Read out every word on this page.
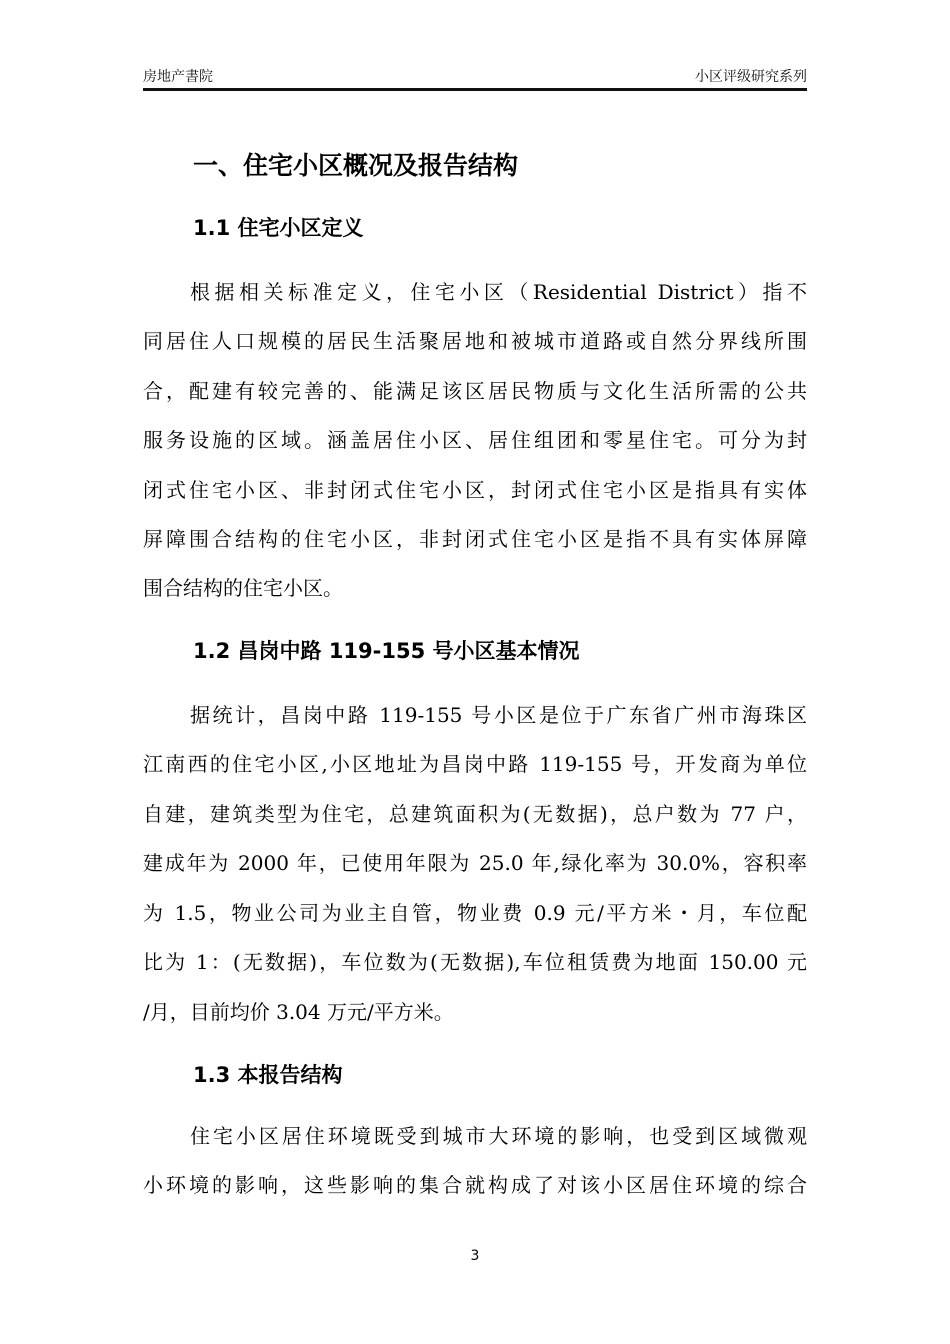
房地产書院	小区评级研究系列
一、住宅小区概况及报告结构
1.1 住宅小区定义
根据相关标准定义，住宅小区（Residential District）指不
同居住人口规模的居民生活聚居地和被城市道路或自然分界线所围
合，配建有较完善的、能满足该区居民物质与文化生活所需的公共
服务设施的区域。涵盖居住小区、居住组团和零星住宅。可分为封
闭式住宅小区、非封闭式住宅小区，封闭式住宅小区是指具有实体
屏障围合结构的住宅小区，非封闭式住宅小区是指不具有实体屏障
围合结构的住宅小区。
1.2 昌岗中路 119-155 号小区基本情况
据统计，昌岗中路 119-155 号小区是位于广东省广州市海珠区
江南西的住宅小区,小区地址为昌岗中路 119-155 号，开发商为单位
自建，建筑类型为住宅，总建筑面积为(无数据)，总户数为 77 户，
建成年为 2000 年，已使用年限为 25.0 年,绿化率为 30.0%，容积率
为 1.5，物业公司为业主自管，物业费 0.9 元/平方米・月，车位配
比为 1：(无数据)，车位数为(无数据),车位租赁费为地面 150.00 元
/月，目前均价 3.04 万元/平方米。
1.3 本报告结构
住宅小区居住环境既受到城市大环境的影响，也受到区域微观
小环境的影响，这些影响的集合就构成了对该小区居住环境的综合
3
